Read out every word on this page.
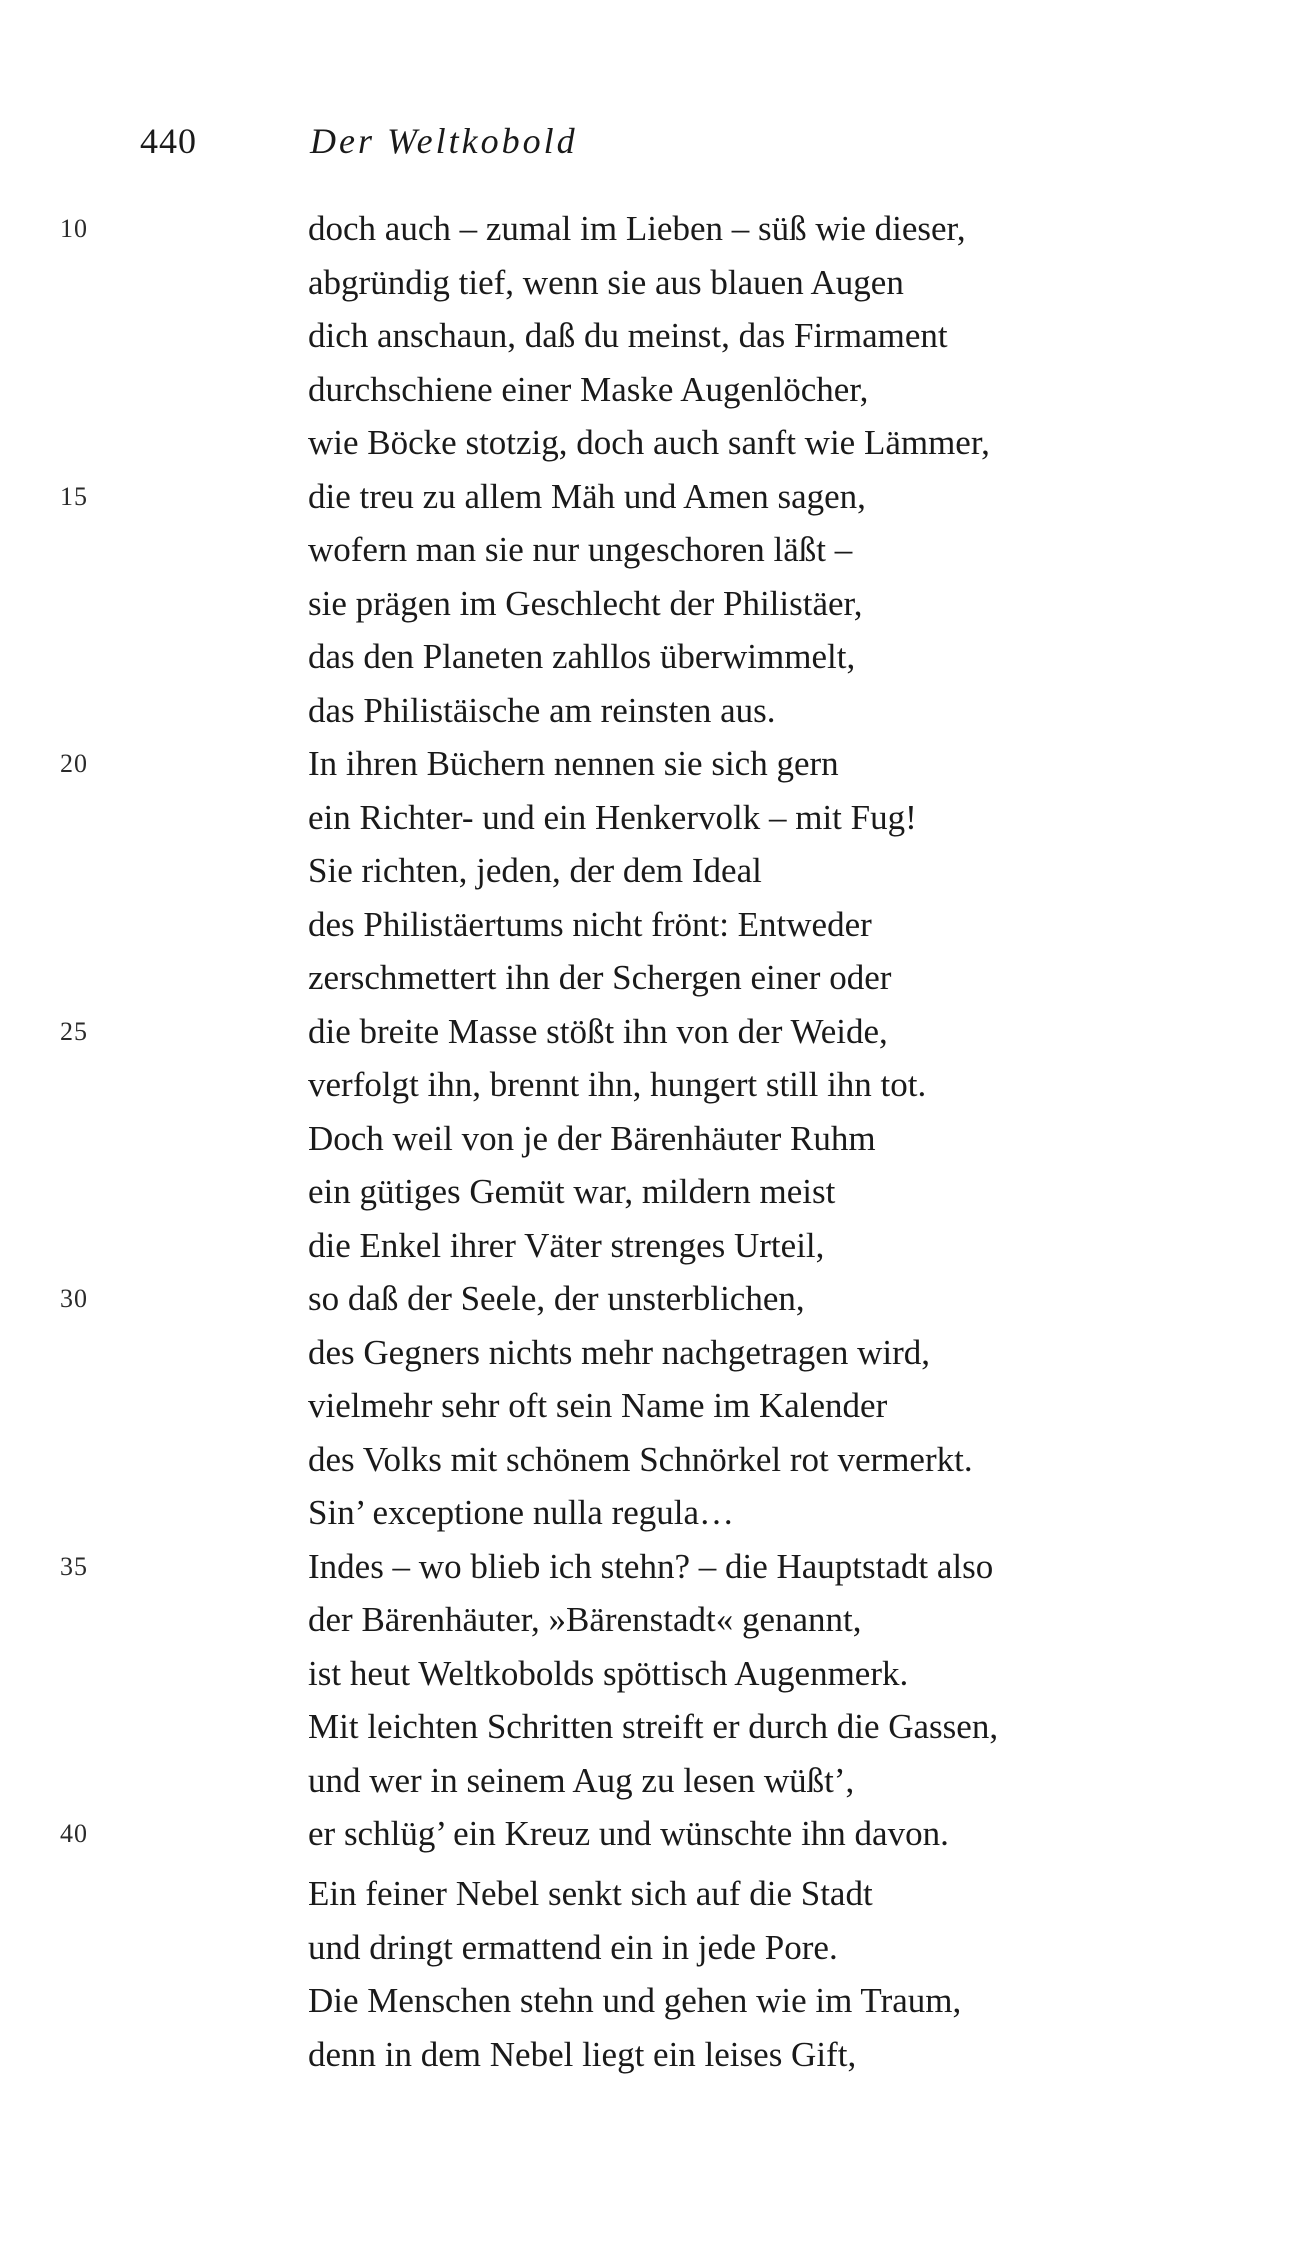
440	Der Weltkobold
10	doch auch – zumal im Lieben – süß wie dieser,
abgründig tief, wenn sie aus blauen Augen
dich anschaun, daß du meinst, das Firmament
durchschiene einer Maske Augenlöcher,
wie Böcke stotzig, doch auch sanft wie Lämmer,
15	die treu zu allem Mäh und Amen sagen,
wofern man sie nur ungeschoren läßt –
sie prägen im Geschlecht der Philistäer,
das den Planeten zahllos überwimmelt,
das Philistäische am reinsten aus.
20	In ihren Büchern nennen sie sich gern
ein Richter- und ein Henkervolk – mit Fug!
Sie richten, jeden, der dem Ideal
des Philistäertums nicht frönt: Entweder
zerschmettert ihn der Schergen einer oder
25	die breite Masse stößt ihn von der Weide,
verfolgt ihn, brennt ihn, hungert still ihn tot.
Doch weil von je der Bärenhäuter Ruhm
ein gütiges Gemüt war, mildern meist
die Enkel ihrer Väter strenges Urteil,
30	so daß der Seele, der unsterblichen,
des Gegners nichts mehr nachgetragen wird,
vielmehr sehr oft sein Name im Kalender
des Volks mit schönem Schnörkel rot vermerkt.
Sin’ exceptione nulla regula…
35	Indes – wo blieb ich stehn? – die Hauptstadt also
der Bärenhäuter, »Bärenstadt« genannt,
ist heut Weltkobolds spöttisch Augenmerk.
Mit leichten Schritten streift er durch die Gassen,
und wer in seinem Aug zu lesen wüßt’,
40	er schlüg’ ein Kreuz und wünschte ihn davon.
Ein feiner Nebel senkt sich auf die Stadt
und dringt ermattend ein in jede Pore.
Die Menschen stehn und gehen wie im Traum,
denn in dem Nebel liegt ein leises Gift,
